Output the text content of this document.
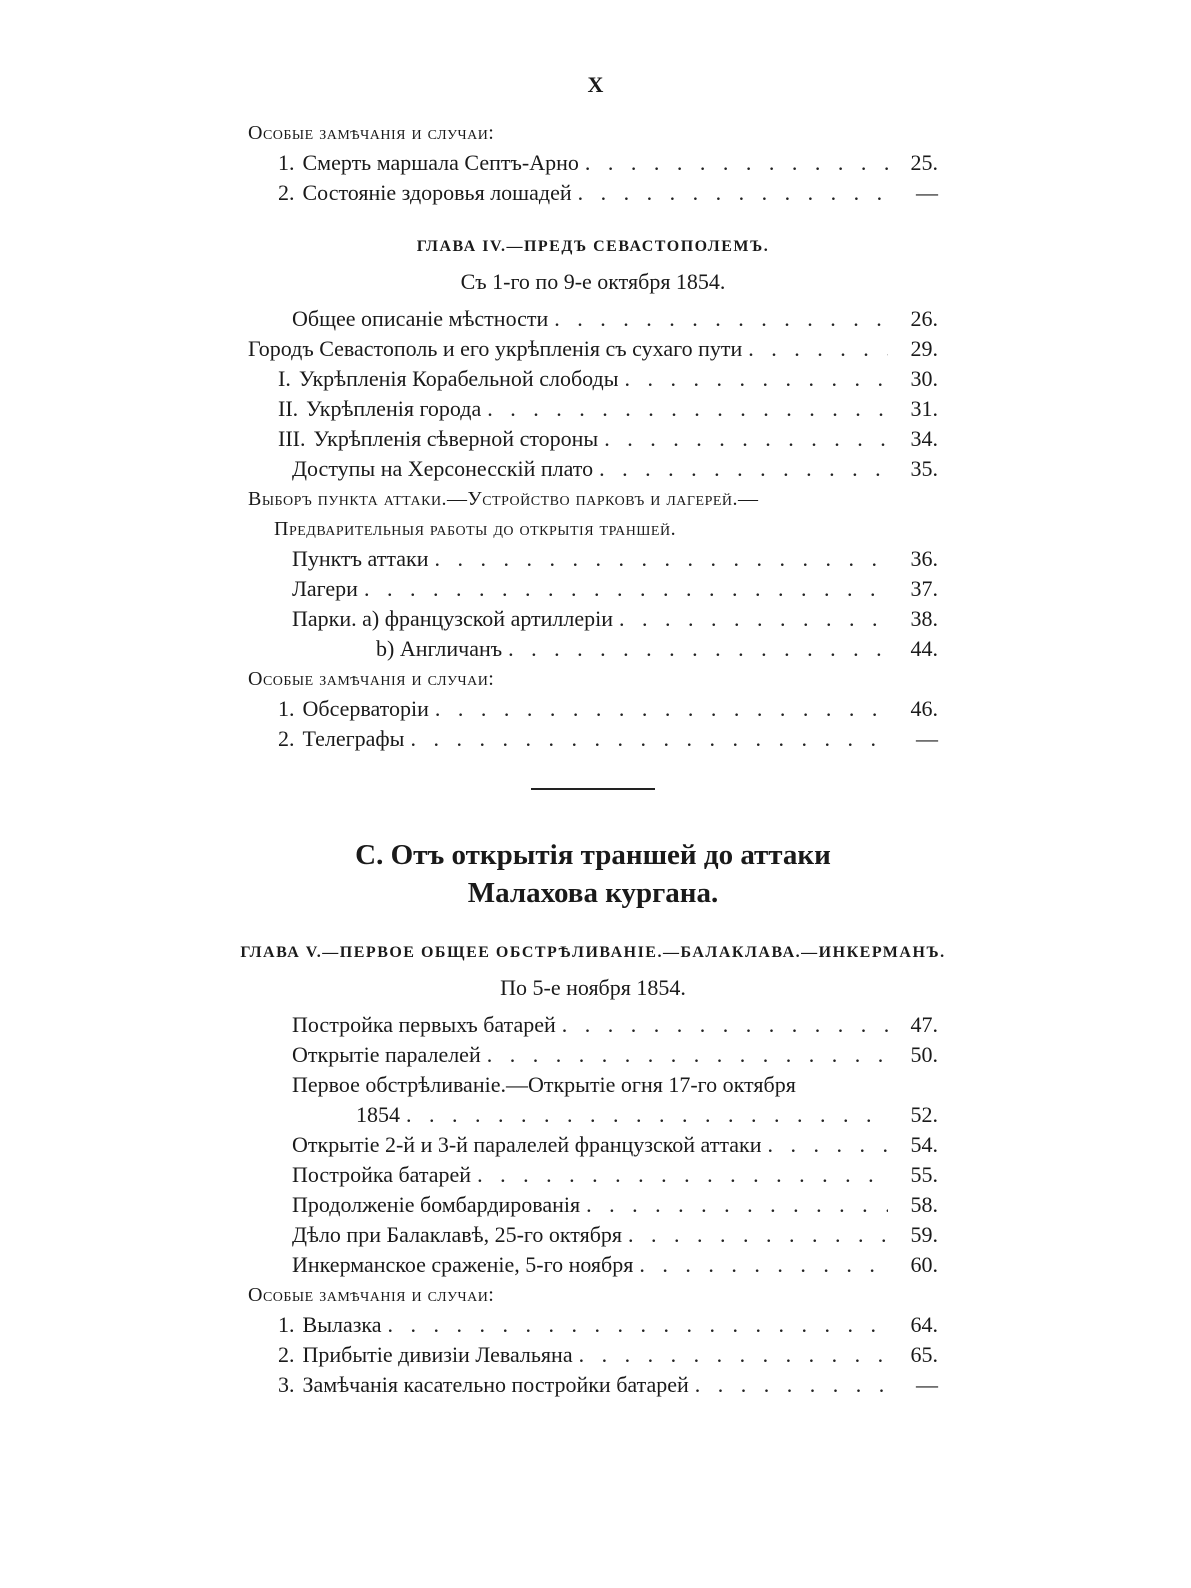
X
Особые замѣчанія и случаи:
1. Смерть маршала Септъ-Арно . . .	25.
2. Состояніе здоровья лошадей . . .	—
ГЛАВА IV.—ПРЕДЪ СЕВАСТОПОЛЕМЪ.
Съ 1-го по 9-е октября 1854.
Общее описаніе мѣстности . . .	26.
Городъ Севастополь и его укрѣпленія съ сухаго пути . . .	29.
I. Укрѣпленія Корабельной слободы . . .	30.
II. Укрѣпленія города . . .	31.
III. Укрѣпленія сѣверной стороны . . .	34.
Доступы на Херсонесскій плато . . .	35.
Выборъ пункта аттаки.—Устройство парковъ и лагерей.—
Предварительныя работы до открытія траншей.
Пунктъ аттаки . . .	36.
Лагери . . .	37.
Парки. a) французской артиллеріи . . .	38.
b) Англичанъ . . .	44.
Особые замѣчанія и случаи:
1. Обсерваторіи . . .	46.
2. Телеграфы . . .	—
С. Отъ открытія траншей до аттаки
Малахова кургана.
ГЛАВА V.—ПЕРВОЕ ОБЩЕЕ ОБСТРѢЛИВАНІЕ.—БАЛАКЛАВА.—ИНКЕРМАНЪ.
По 5-е ноября 1854.
Постройка первыхъ батарей . . .	47.
Открытіе паралелей . . .	50.
Первое обстрѣливаніе.—Открытіе огня 17-го октября
1854 . . .	52.
Открытіе 2-й и 3-й паралелей французской аттаки . . .	54.
Постройка батарей . . .	55.
Продолженіе бомбардированія . . .	58.
Дѣло при Балаклавѣ, 25-го октября . . .	59.
Инкерманское сраженіе, 5-го ноября . . .	60.
Особые замѣчанія и случаи:
1. Вылазка . . .	64.
2. Прибытіе дивизіи Левальяна . . .	65.
3. Замѣчанія касательно постройки батарей . . .	—
